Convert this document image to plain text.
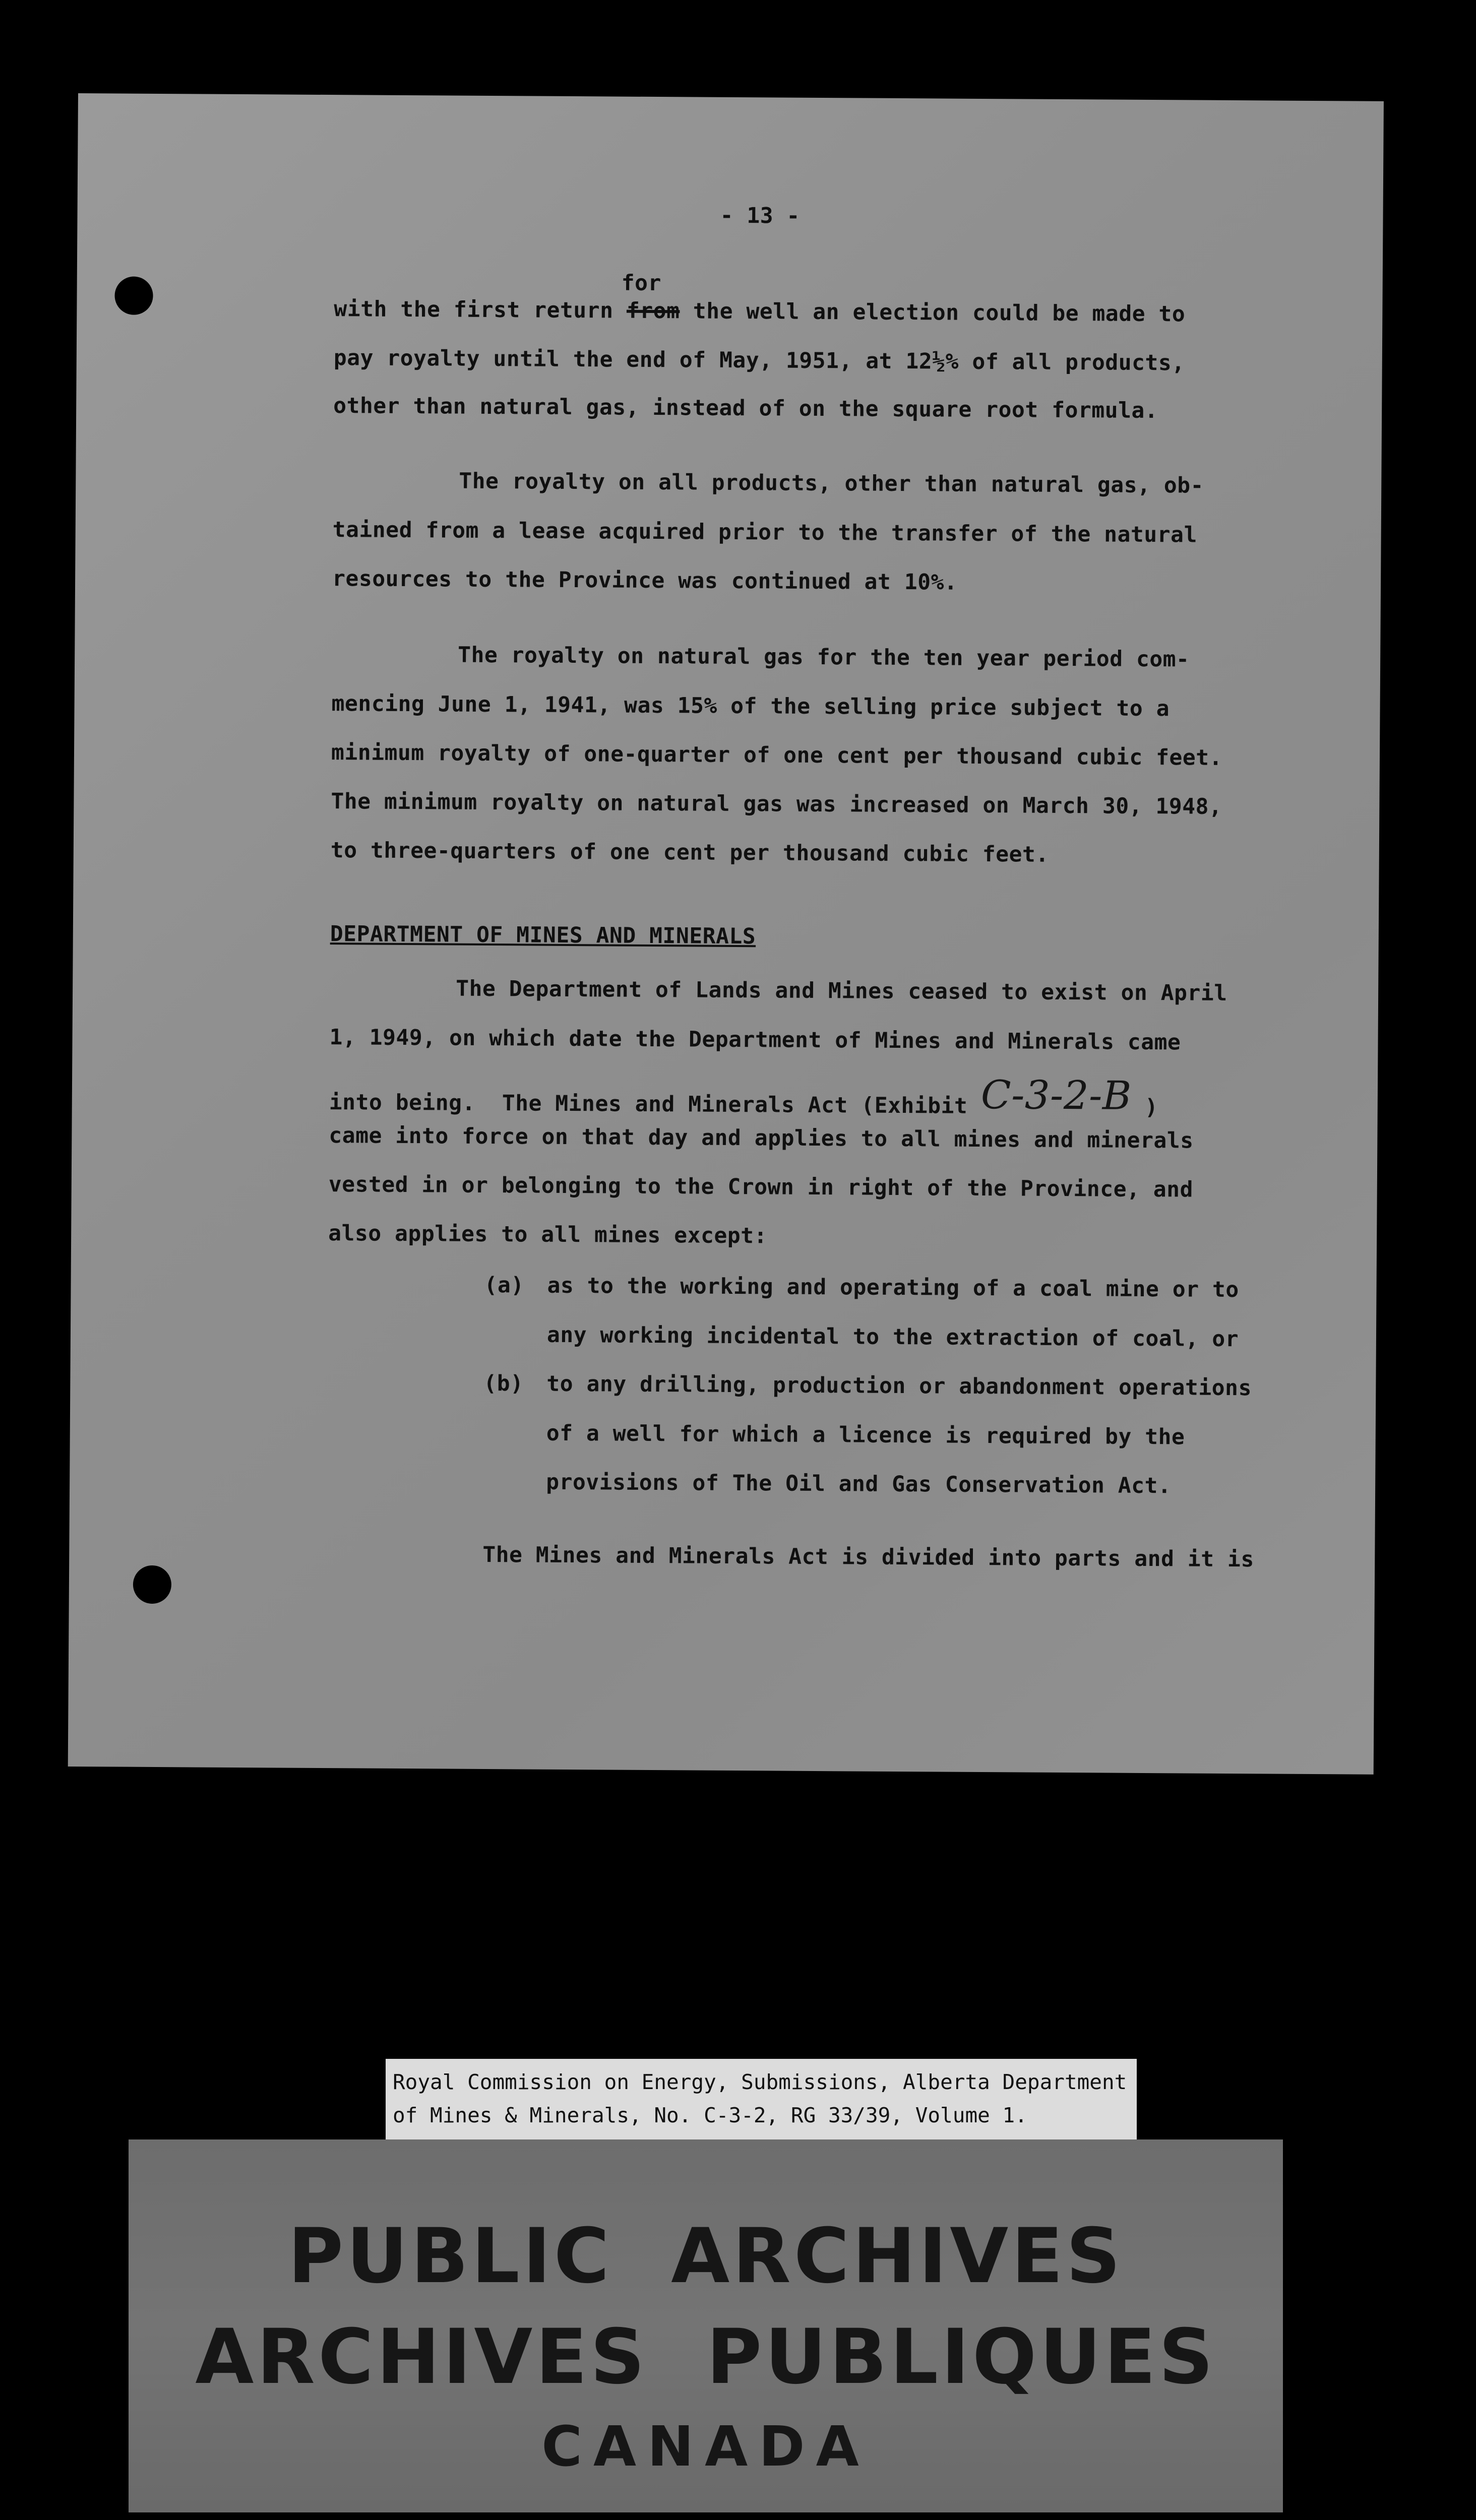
- 13 -
for
with the first return from the well an election could be made to
pay royalty until the end of May, 1951, at 12½% of all products,
other than natural gas, instead of on the square root formula.
The royalty on all products, other than natural gas, ob-
tained from a lease acquired prior to the transfer of the natural
resources to the Province was continued at 10%.
The royalty on natural gas for the ten year period com-
mencing June 1, 1941, was 15% of the selling price subject to a
minimum royalty of one-quarter of one cent per thousand cubic feet.
The minimum royalty on natural gas was increased on March 30, 1948,
to three-quarters of one cent per thousand cubic feet.
DEPARTMENT OF MINES AND MINERALS
The Department of Lands and Mines ceased to exist on April
1, 1949, on which date the Department of Mines and Minerals came
into being.  The Mines and Minerals Act (Exhibit C-3-2-B )
came into force on that day and applies to all mines and minerals
vested in or belonging to the Crown in right of the Province, and
also applies to all mines except:
(a) as to the working and operating of a coal mine or to
any working incidental to the extraction of coal, or
(b) to any drilling, production or abandonment operations
of a well for which a licence is required by the
provisions of The Oil and Gas Conservation Act.
The Mines and Minerals Act is divided into parts and it is
Royal Commission on Energy, Submissions, Alberta Department
of Mines & Minerals, No. C-3-2, RG 33/39, Volume 1.
PUBLIC  ARCHIVES
ARCHIVES  PUBLIQUES
CANADA
